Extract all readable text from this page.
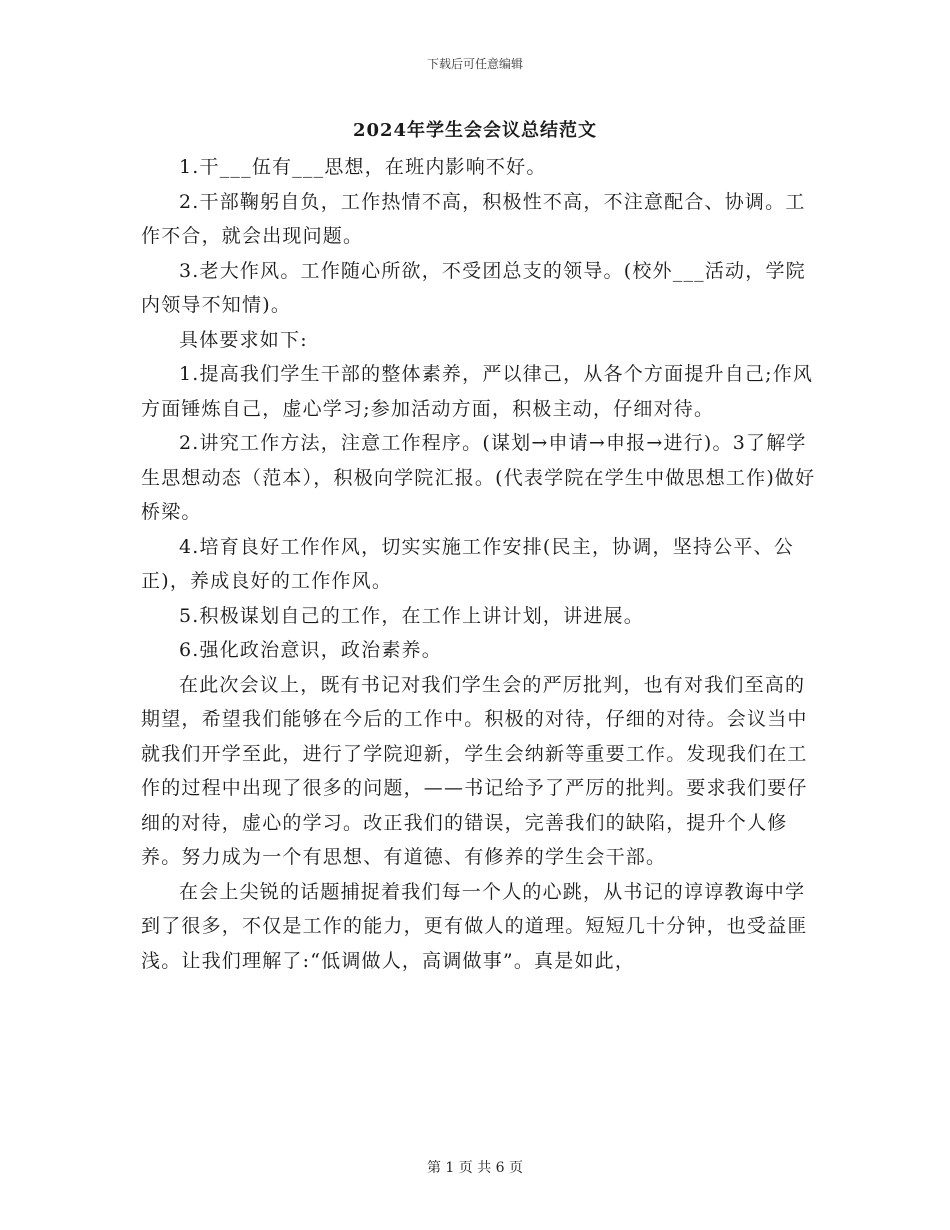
下载后可任意编辑
2024年学生会会议总结范文

1.干___伍有___思想，在班内影响不好。

2.干部鞠躬自负，工作热情不高，积极性不高，不注意配合、协调。工作不合，就会出现问题。

3.老大作风。工作随心所欲，不受团总支的领导。(校外___活动，学院内领导不知情)。

具体要求如下:

1.提高我们学生干部的整体素养，严以律己，从各个方面提升自己;作风方面锤炼自己，虚心学习;参加活动方面，积极主动，仔细对待。

2.讲究工作方法，注意工作程序。(谋划→申请→申报→进行)。3了解学生思想动态（范本），积极向学院汇报。(代表学院在学生中做思想工作)做好桥梁。

4.培育良好工作作风，切实实施工作安排(民主，协调，坚持公平、公正)，养成良好的工作作风。

5.积极谋划自己的工作，在工作上讲计划，讲进展。

6.强化政治意识，政治素养。

在此次会议上，既有书记对我们学生会的严厉批判，也有对我们至高的期望，希望我们能够在今后的工作中。积极的对待，仔细的对待。会议当中就我们开学至此，进行了学院迎新，学生会纳新等重要工作。发现我们在工作的过程中出现了很多的问题，——书记给予了严厉的批判。要求我们要仔细的对待，虚心的学习。改正我们的错误，完善我们的缺陷，提升个人修养。努力成为一个有思想、有道德、有修养的学生会干部。

在会上尖锐的话题捕捉着我们每一个人的心跳，从书记的谆谆教诲中学到了很多，不仅是工作的能力，更有做人的道理。短短几十分钟，也受益匪浅。让我们理解了:“低调做人，高调做事”。真是如此，

第 1 页 共 6 页
